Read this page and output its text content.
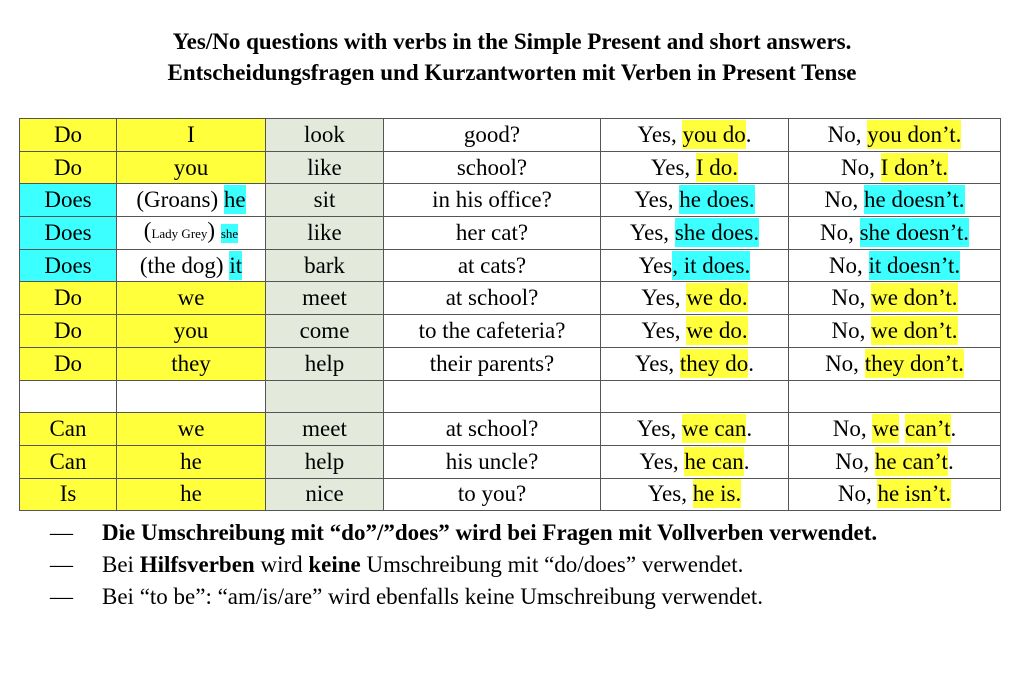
Yes/No questions with verbs in the Simple Present and short answers.
Entscheidungsfragen und Kurzantworten mit Verben in Present Tense
Do	I	look	good?	Yes, you do.	No, you don’t.
Do	you	like	school?	Yes, I do.	No, I don’t.
Does	(Groans) he	sit	in his office?	Yes, he does.	No, he doesn’t.
Does	(Lady Grey) she	like	her cat?	Yes, she does.	No, she doesn’t.
Does	(the dog) it	bark	at cats?	Yes, it does.	No, it doesn’t.
Do	we	meet	at school?	Yes, we do.	No, we don’t.
Do	you	come	to the cafeteria?	Yes, we do.	No, we don’t.
Do	they	help	their parents?	Yes, they do.	No, they don’t.

Can	we	meet	at school?	Yes, we can.	No, we can’t.
Can	he	help	his uncle?	Yes, he can.	No, he can’t.
Is	he	nice	to you?	Yes, he is.	No, he isn’t.
—	Die Umschreibung mit “do”/”does” wird bei Fragen mit Vollverben verwendet.
—	Bei Hilfsverben wird keine Umschreibung mit “do/does” verwendet.
—	Bei “to be”: “am/is/are” wird ebenfalls keine Umschreibung verwendet.
